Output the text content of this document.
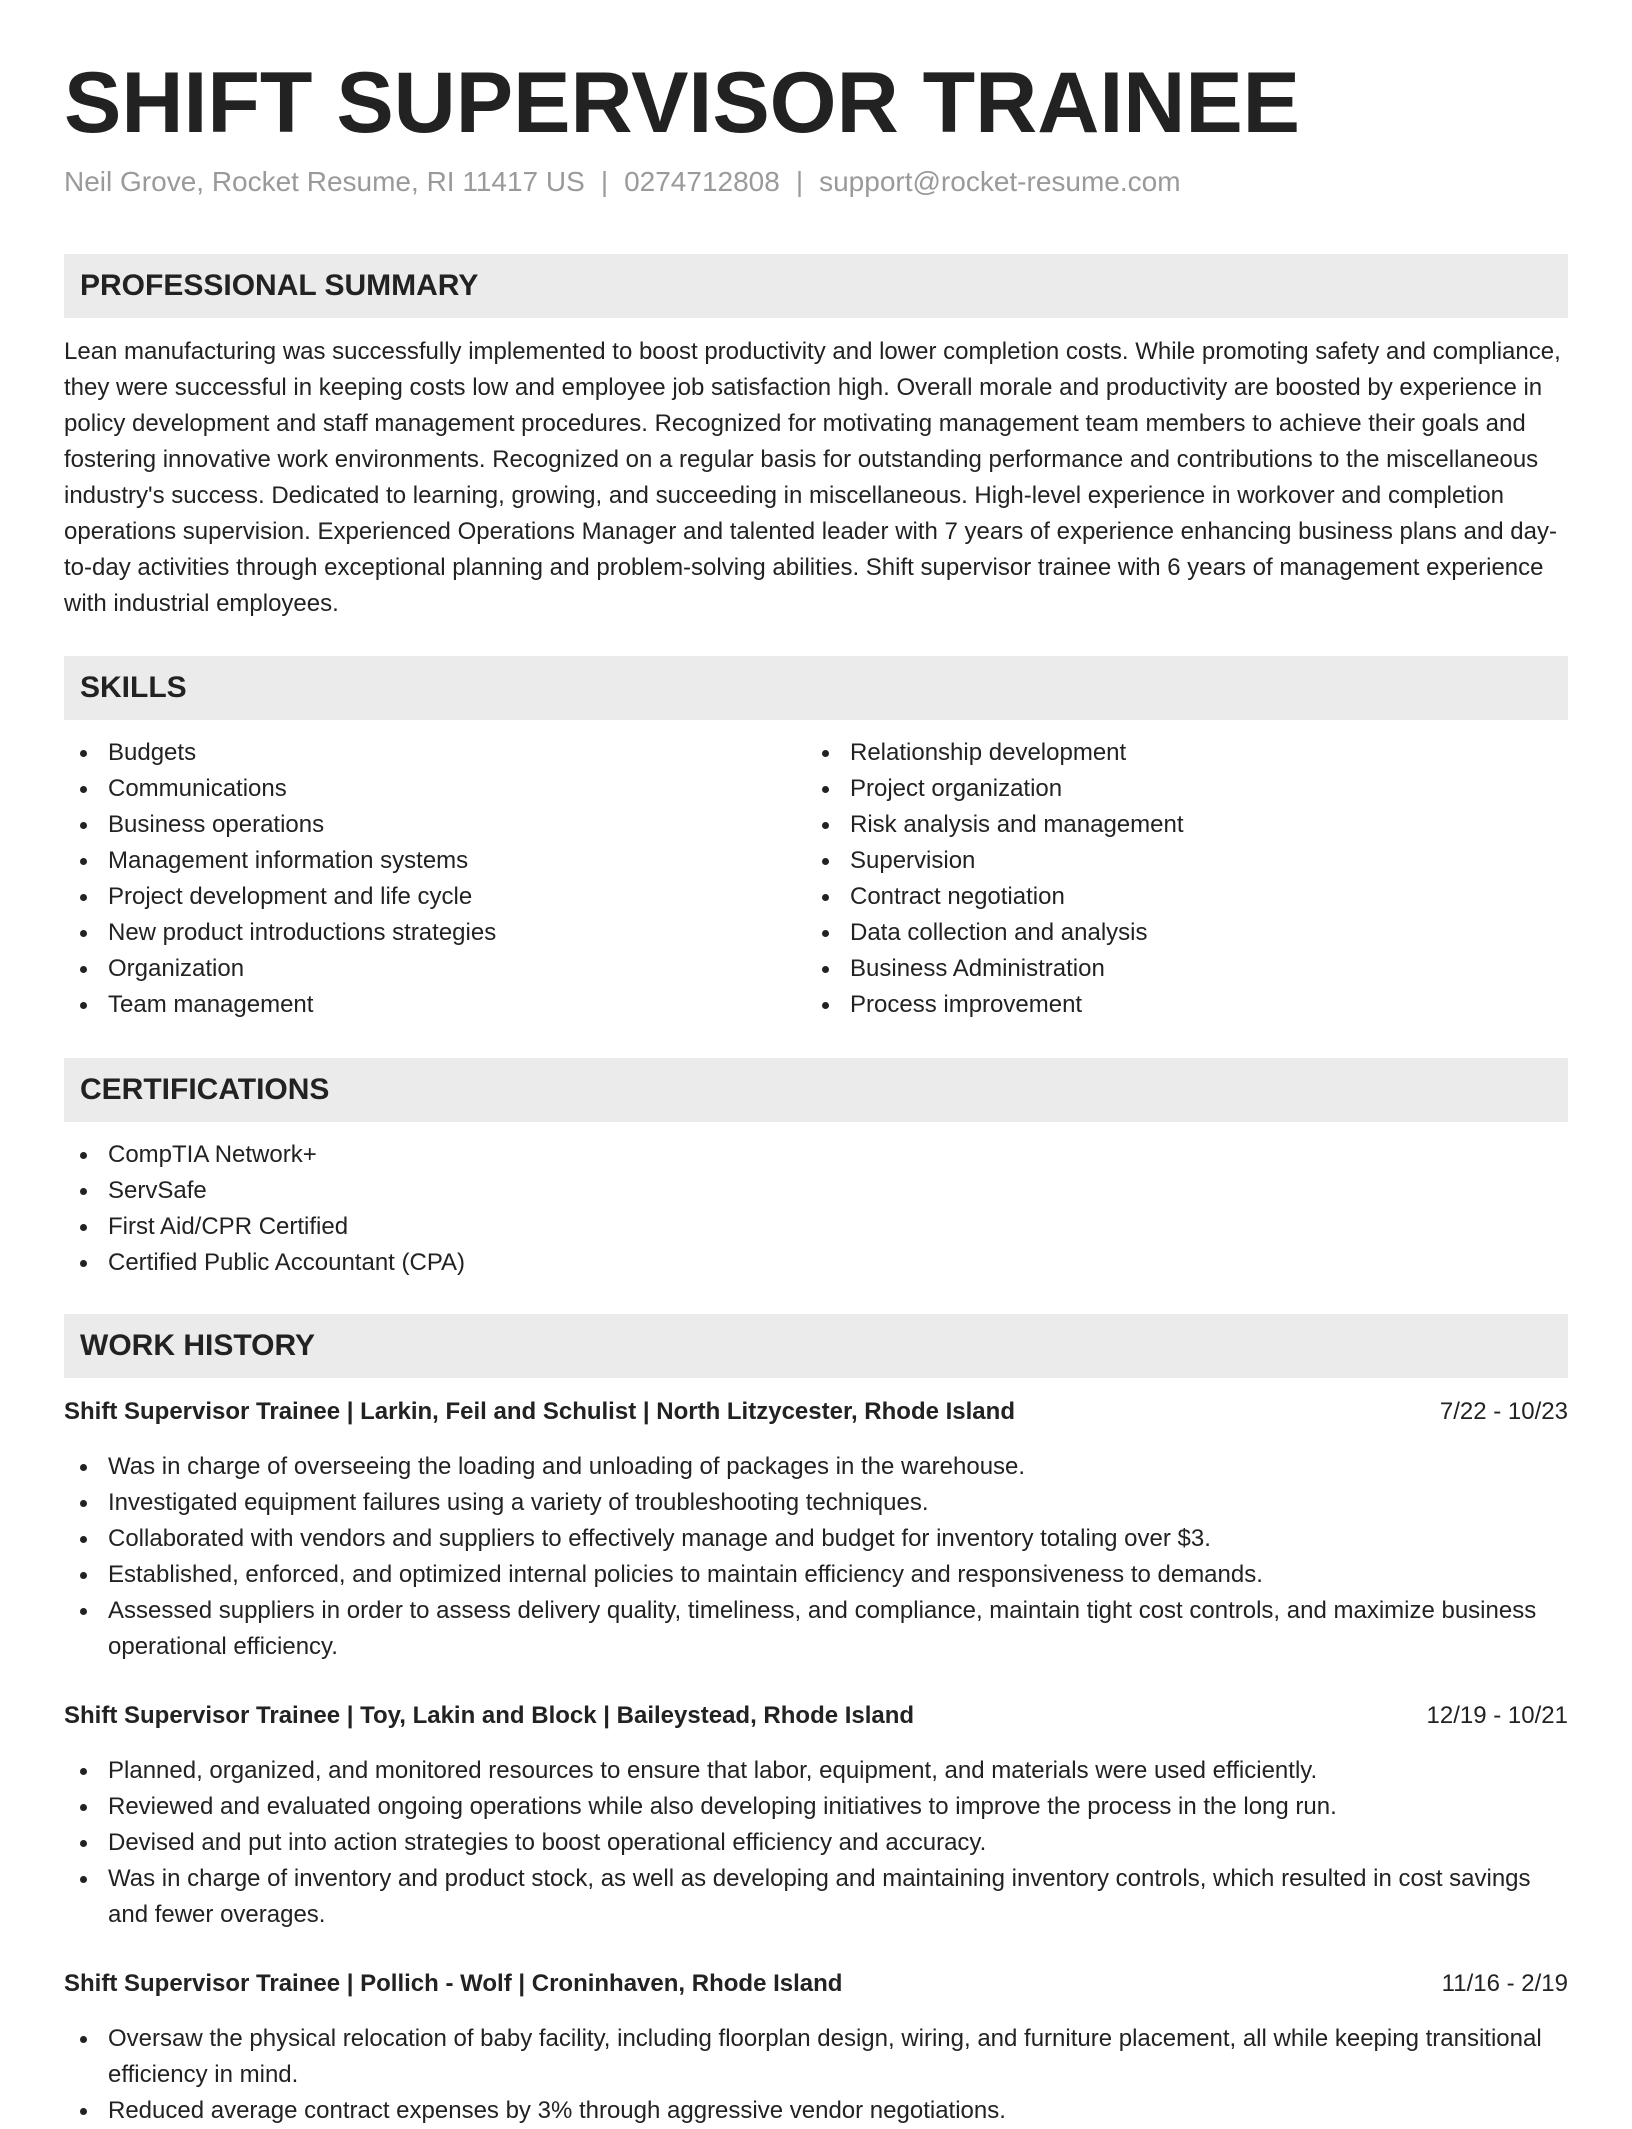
SHIFT SUPERVISOR TRAINEE
Neil Grove, Rocket Resume, RI 11417 US | 0274712808 | support@rocket-resume.com
PROFESSIONAL SUMMARY

Lean manufacturing was successfully implemented to boost productivity and lower completion costs. While promoting safety and compliance, they were successful in keeping costs low and employee job satisfaction high. Overall morale and productivity are boosted by experience in policy development and staff management procedures. Recognized for motivating management team members to achieve their goals and fostering innovative work environments. Recognized on a regular basis for outstanding performance and contributions to the miscellaneous industry's success. Dedicated to learning, growing, and succeeding in miscellaneous. High-level experience in workover and completion operations supervision. Experienced Operations Manager and talented leader with 7 years of experience enhancing business plans and day-to-day activities through exceptional planning and problem-solving abilities. Shift supervisor trainee with 6 years of management experience with industrial employees.

SKILLS
Budgets
Communications
Business operations
Management information systems
Project development and life cycle
New product introductions strategies
Organization
Team management
Relationship development
Project organization
Risk analysis and management
Supervision
Contract negotiation
Data collection and analysis
Business Administration
Process improvement
CERTIFICATIONS
CompTIA Network+
ServSafe
First Aid/CPR Certified
Certified Public Accountant (CPA)
WORK HISTORY
Shift Supervisor Trainee | Larkin, Feil and Schulist | North Litzycester, Rhode Island	7/22 - 10/23
Was in charge of overseeing the loading and unloading of packages in the warehouse.
Investigated equipment failures using a variety of troubleshooting techniques.
Collaborated with vendors and suppliers to effectively manage and budget for inventory totaling over $3.
Established, enforced, and optimized internal policies to maintain efficiency and responsiveness to demands.
Assessed suppliers in order to assess delivery quality, timeliness, and compliance, maintain tight cost controls, and maximize business operational efficiency.
Shift Supervisor Trainee | Toy, Lakin and Block | Baileystead, Rhode Island	12/19 - 10/21
Planned, organized, and monitored resources to ensure that labor, equipment, and materials were used efficiently.
Reviewed and evaluated ongoing operations while also developing initiatives to improve the process in the long run.
Devised and put into action strategies to boost operational efficiency and accuracy.
Was in charge of inventory and product stock, as well as developing and maintaining inventory controls, which resulted in cost savings and fewer overages.
Shift Supervisor Trainee | Pollich - Wolf | Croninhaven, Rhode Island	11/16 - 2/19
Oversaw the physical relocation of baby facility, including floorplan design, wiring, and furniture placement, all while keeping transitional efficiency in mind.
Reduced average contract expenses by 3% through aggressive vendor negotiations.
